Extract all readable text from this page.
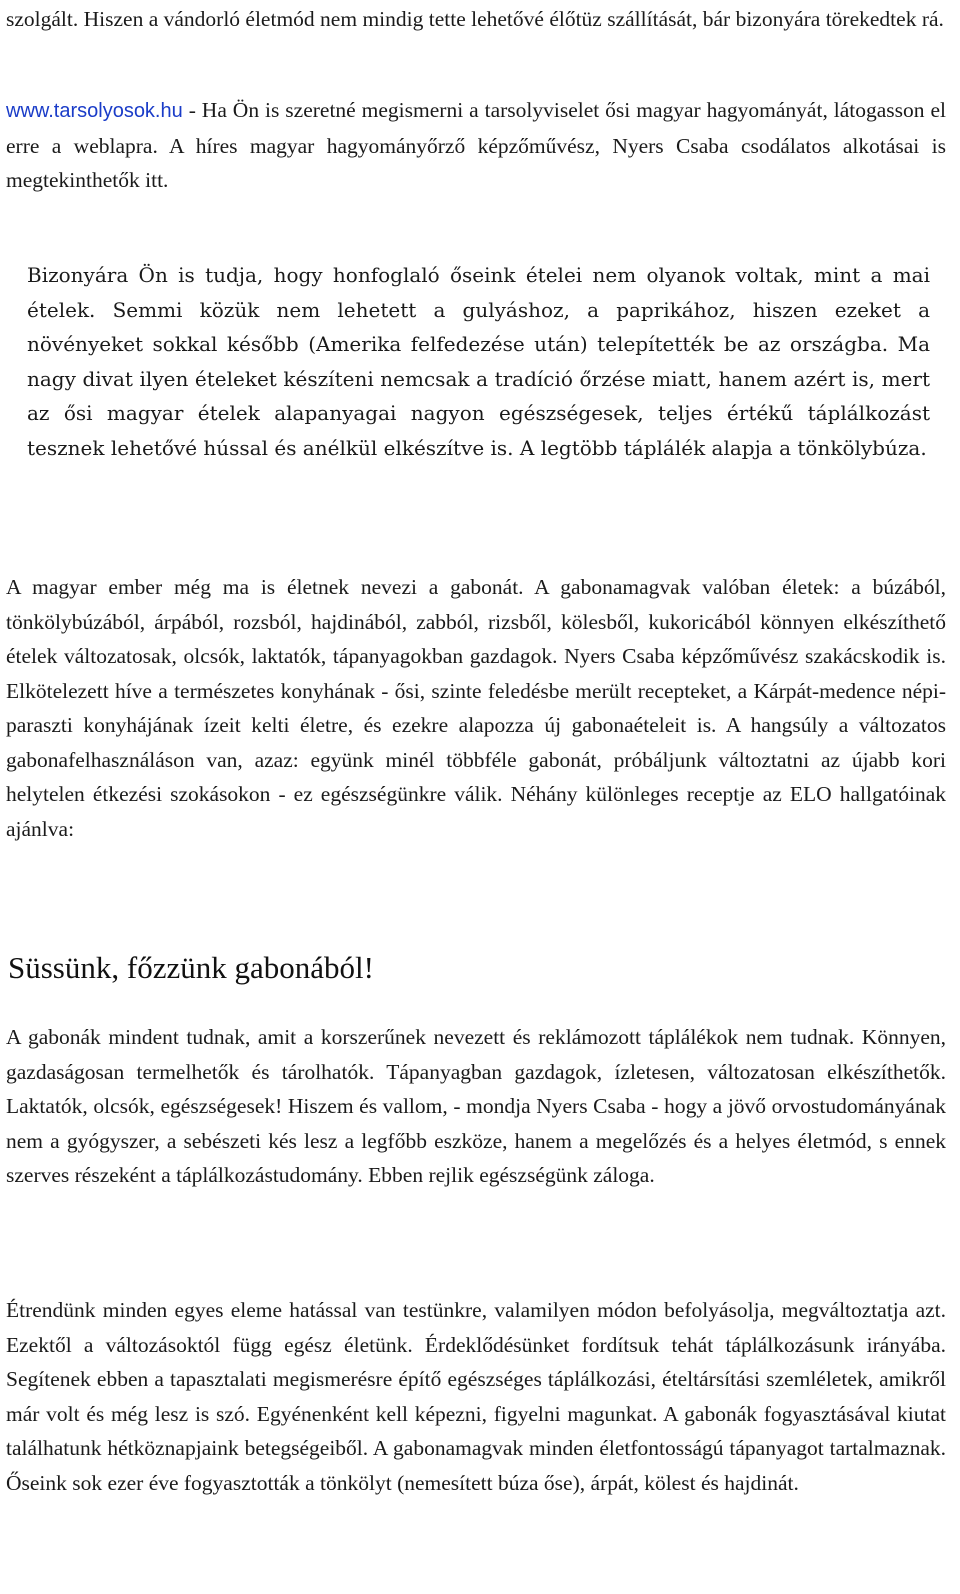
szolgált. Hiszen a vándorló életmód nem mindig tette lehetővé élőtüz szállítását, bár bizonyára törekedtek rá.

www.tarsolyosok.hu - Ha Ön is szeretné megismerni a tarsolyviselet ősi magyar hagyományát, látogasson el erre a weblapra. A híres magyar hagyományőrző képzőművész, Nyers Csaba csodálatos alkotásai is megtekinthetők itt.

Bizonyára Ön is tudja, hogy honfoglaló őseink ételei nem olyanok voltak, mint a mai ételek. Semmi közük nem lehetett a gulyáshoz, a paprikához, hiszen ezeket a növényeket sokkal később (Amerika felfedezése után) telepítették be az országba. Ma nagy divat ilyen ételeket készíteni nemcsak a tradíció őrzése miatt, hanem azért is, mert az ősi magyar ételek alapanyagai nagyon egészségesek, teljes értékű táplálkozást tesznek lehetővé hússal és anélkül elkészítve is. A legtöbb táplálék alapja a tönkölybúza.

A magyar ember még ma is életnek nevezi a gabonát. A gabonamagvak valóban életek: a búzából, tönkölybúzából, árpából, rozsból, hajdinából, zabból, rizsből, kölesből, kukoricából könnyen elkészíthető ételek változatosak, olcsók, laktatók, tápanyagokban gazdagok. Nyers Csaba képzőművész szakácskodik is. Elkötelezett híve a természetes konyhának - ősi, szinte feledésbe merült recepteket, a Kárpát-medence népi-paraszti konyhájának ízeit kelti életre, és ezekre alapozza új gabonaételeit is. A hangsúly a változatos gabonafelhasználáson van, azaz: együnk minél többféle gabonát, próbáljunk változtatni az újabb kori helytelen étkezési szokásokon - ez egészségünkre válik. Néhány különleges receptje az ELO hallgatóinak ajánlva:

Süssünk, főzzünk gabonából!

A gabonák mindent tudnak, amit a korszerűnek nevezett és reklámozott táplálékok nem tudnak. Könnyen, gazdaságosan termelhetők és tárolhatók. Tápanyagban gazdagok, ízletesen, változatosan elkészíthetők. Laktatók, olcsók, egészségesek! Hiszem és vallom, - mondja Nyers Csaba - hogy a jövő orvostudományának nem a gyógyszer, a sebészeti kés lesz a legfőbb eszköze, hanem a megelőzés és a helyes életmód, s ennek szerves részeként a táplálkozástudomány. Ebben rejlik egészségünk záloga.

Étrendünk minden egyes eleme hatással van testünkre, valamilyen módon befolyásolja, megváltoztatja azt. Ezektől a változásoktól függ egész életünk. Érdeklődésünket fordítsuk tehát táplálkozásunk irányába. Segítenek ebben a tapasztalati megismerésre építő egészséges táplálkozási, ételtársítási szemléletek, amikről már volt és még lesz is szó. Egyénenként kell képezni, figyelni magunkat. A gabonák fogyasztásával kiutat találhatunk hétköznapjaink betegségeiből. A gabonamagvak minden életfontosságú tápanyagot tartalmaznak. Őseink sok ezer éve fogyasztották a tönkölyt (nemesített búza őse), árpát, kölest és hajdinát.
